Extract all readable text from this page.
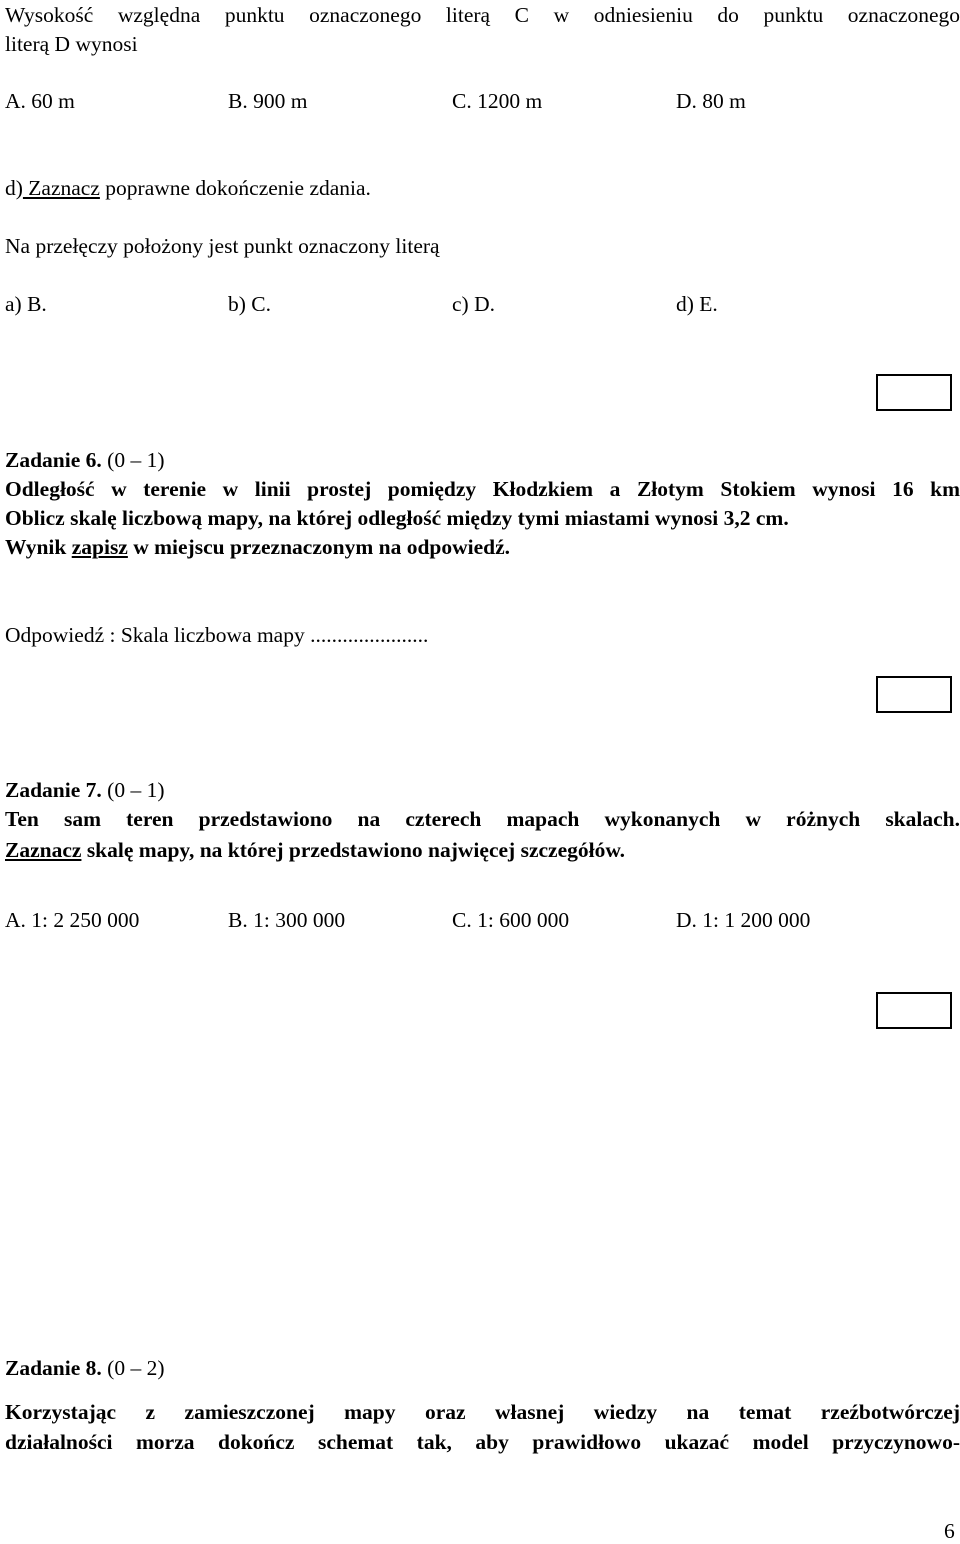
Wysokość względna punktu oznaczonego literą C w odniesieniu do punktu oznaczonego
literą D wynosi
A. 60 m	B. 900 m	C. 1200 m	D. 80 m
d) Zaznacz poprawne dokończenie zdania.
Na przełęczy położony jest punkt oznaczony literą
a) B.	b) C.	c) D.	d) E.
Zadanie 6. (0 – 1)
Odległość w terenie w linii prostej pomiędzy Kłodzkiem a Złotym Stokiem wynosi 16 km
Oblicz skalę liczbową mapy, na której odległość między tymi miastami wynosi 3,2 cm.
Wynik zapisz w miejscu przeznaczonym na odpowiedź.
Odpowiedź : Skala liczbowa mapy ......................
Zadanie 7. (0 – 1)
Ten sam teren przedstawiono na czterech mapach wykonanych w różnych skalach.
Zaznacz skalę mapy, na której przedstawiono najwięcej szczegółów.
A. 1: 2 250 000	B. 1: 300 000	C. 1: 600 000	D. 1: 1 200 000
Zadanie 8. (0 – 2)
Korzystając z zamieszczonej mapy oraz własnej wiedzy na temat rzeźbotwórczej
działalności morza dokończ schemat tak, aby prawidłowo ukazać model przyczynowo-
6
